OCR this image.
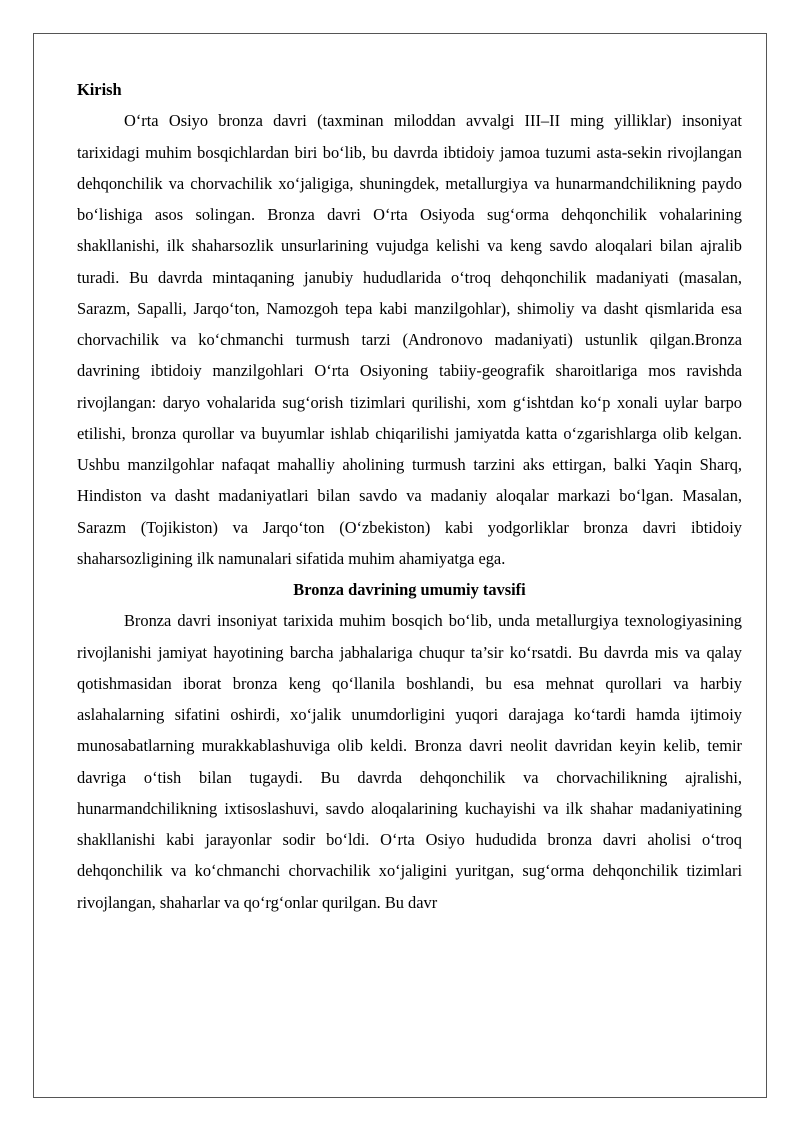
Kirish

O‘rta Osiyo bronza davri (taxminan miloddan avvalgi III–II ming yilliklar) insoniyat tarixidagi muhim bosqichlardan biri bo‘lib, bu davrda ibtidoiy jamoa tuzumi asta-sekin rivojlangan dehqonchilik va chorvachilik xo‘jaligiga, shuningdek, metallurgiya va hunarmandchilikning paydo bo‘lishiga asos solingan. Bronza davri O‘rta Osiyoda sug‘orma dehqonchilik vohalarining shakllanishi, ilk shaharsozlik unsurlarining vujudga kelishi va keng savdo aloqalari bilan ajralib turadi. Bu davrda mintaqaning janubiy hududlarida o‘troq dehqonchilik madaniyati (masalan, Sarazm, Sapalli, Jarqo‘ton, Namozgoh tepa kabi manzilgohlar), shimoliy va dasht qismlarida esa chorvachilik va ko‘chmanchi turmush tarzi (Andronovo madaniyati) ustunlik qilgan.Bronza davrining ibtidoiy manzilgohlari O‘rta Osiyoning tabiiy-geografik sharoitlariga mos ravishda rivojlangan: daryo vohalarida sug‘orish tizimlari qurilishi, xom g‘ishtdan ko‘p xonali uylar barpo etilishi, bronza qurollar va buyumlar ishlab chiqarilishi jamiyatda katta o‘zgarishlarga olib kelgan. Ushbu manzilgohlar nafaqat mahalliy aholining turmush tarzini aks ettirgan, balki Yaqin Sharq, Hindiston va dasht madaniyatlari bilan savdo va madaniy aloqalar markazi bo‘lgan. Masalan, Sarazm (Tojikiston) va Jarqo‘ton (O‘zbekiston) kabi yodgorliklar bronza davri ibtidoiy shaharsozligining ilk namunalari sifatida muhim ahamiyatga ega.

Bronza davrining umumiy tavsifi

Bronza davri insoniyat tarixida muhim bosqich bo‘lib, unda metallurgiya texnologiyasining rivojlanishi jamiyat hayotining barcha jabhalariga chuqur ta’sir ko‘rsatdi. Bu davrda mis va qalay qotishmasidan iborat bronza keng qo‘llanila boshlandi, bu esa mehnat qurollari va harbiy aslahalarning sifatini oshirdi, xo‘jalik unumdorligini yuqori darajaga ko‘tardi hamda ijtimoiy munosabatlarning murakkablashuviga olib keldi. Bronza davri neolit davridan keyin kelib, temir davriga o‘tish bilan tugaydi. Bu davrda dehqonchilik va chorvachilikning ajralishi, hunarmandchilikning ixtisoslashuvi, savdo aloqalarining kuchayishi va ilk shahar madaniyatining shakllanishi kabi jarayonlar sodir bo‘ldi. O‘rta Osiyo hududida bronza davri aholisi o‘troq dehqonchilik va ko‘chmanchi chorvachilik xo‘jaligini yuritgan, sug‘orma dehqonchilik tizimlari rivojlangan, shaharlar va qo‘rg‘onlar qurilgan. Bu davr
